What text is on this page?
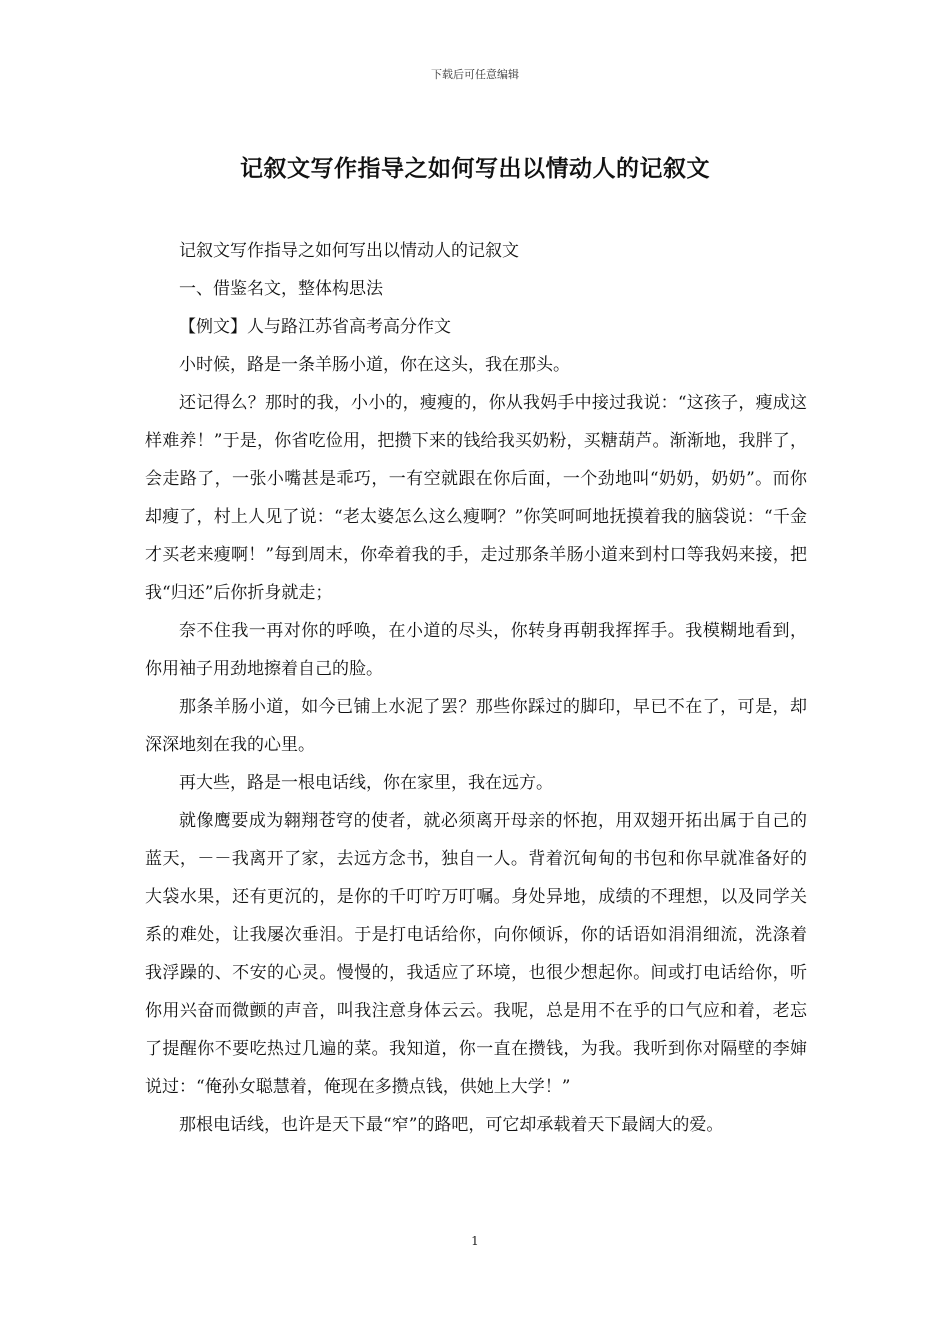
下载后可任意编辑
记叙文写作指导之如何写出以情动人的记叙文

记叙文写作指导之如何写出以情动人的记叙文

一、借鉴名文，整体构思法

【例文】人与路江苏省高考高分作文

小时候，路是一条羊肠小道，你在这头，我在那头。

还记得么？那时的我，小小的，瘦瘦的，你从我妈手中接过我说：“这孩子，瘦成这样难养！”于是，你省吃俭用，把攒下来的钱给我买奶粉，买糖葫芦。渐渐地，我胖了，会走路了，一张小嘴甚是乖巧，一有空就跟在你后面，一个劲地叫“奶奶，奶奶”。而你却瘦了，村上人见了说：“老太婆怎么这么瘦啊？”你笑呵呵地抚摸着我的脑袋说：“千金才买老来瘦啊！”每到周末，你牵着我的手，走过那条羊肠小道来到村口等我妈来接，把我“归还”后你折身就走；

奈不住我一再对你的呼唤，在小道的尽头，你转身再朝我挥挥手。我模糊地看到，你用袖子用劲地擦着自己的脸。

那条羊肠小道，如今已铺上水泥了罢？那些你踩过的脚印，早已不在了，可是，却深深地刻在我的心里。

再大些，路是一根电话线，你在家里，我在远方。

就像鹰要成为翱翔苍穹的使者，就必须离开母亲的怀抱，用双翅开拓出属于自己的蓝天，－－我离开了家，去远方念书，独自一人。背着沉甸甸的书包和你早就准备好的大袋水果，还有更沉的，是你的千叮咛万叮嘱。身处异地，成绩的不理想，以及同学关系的难处，让我屡次垂泪。于是打电话给你，向你倾诉，你的话语如涓涓细流，洗涤着我浮躁的、不安的心灵。慢慢的，我适应了环境，也很少想起你。间或打电话给你，听你用兴奋而微颤的声音，叫我注意身体云云。我呢，总是用不在乎的口气应和着，老忘了提醒你不要吃热过几遍的菜。我知道，你一直在攒钱，为我。我听到你对隔壁的李婶说过：“俺孙女聪慧着，俺现在多攒点钱，供她上大学！”

那根电话线，也许是天下最“窄”的路吧，可它却承载着天下最阔大的爱。

1
